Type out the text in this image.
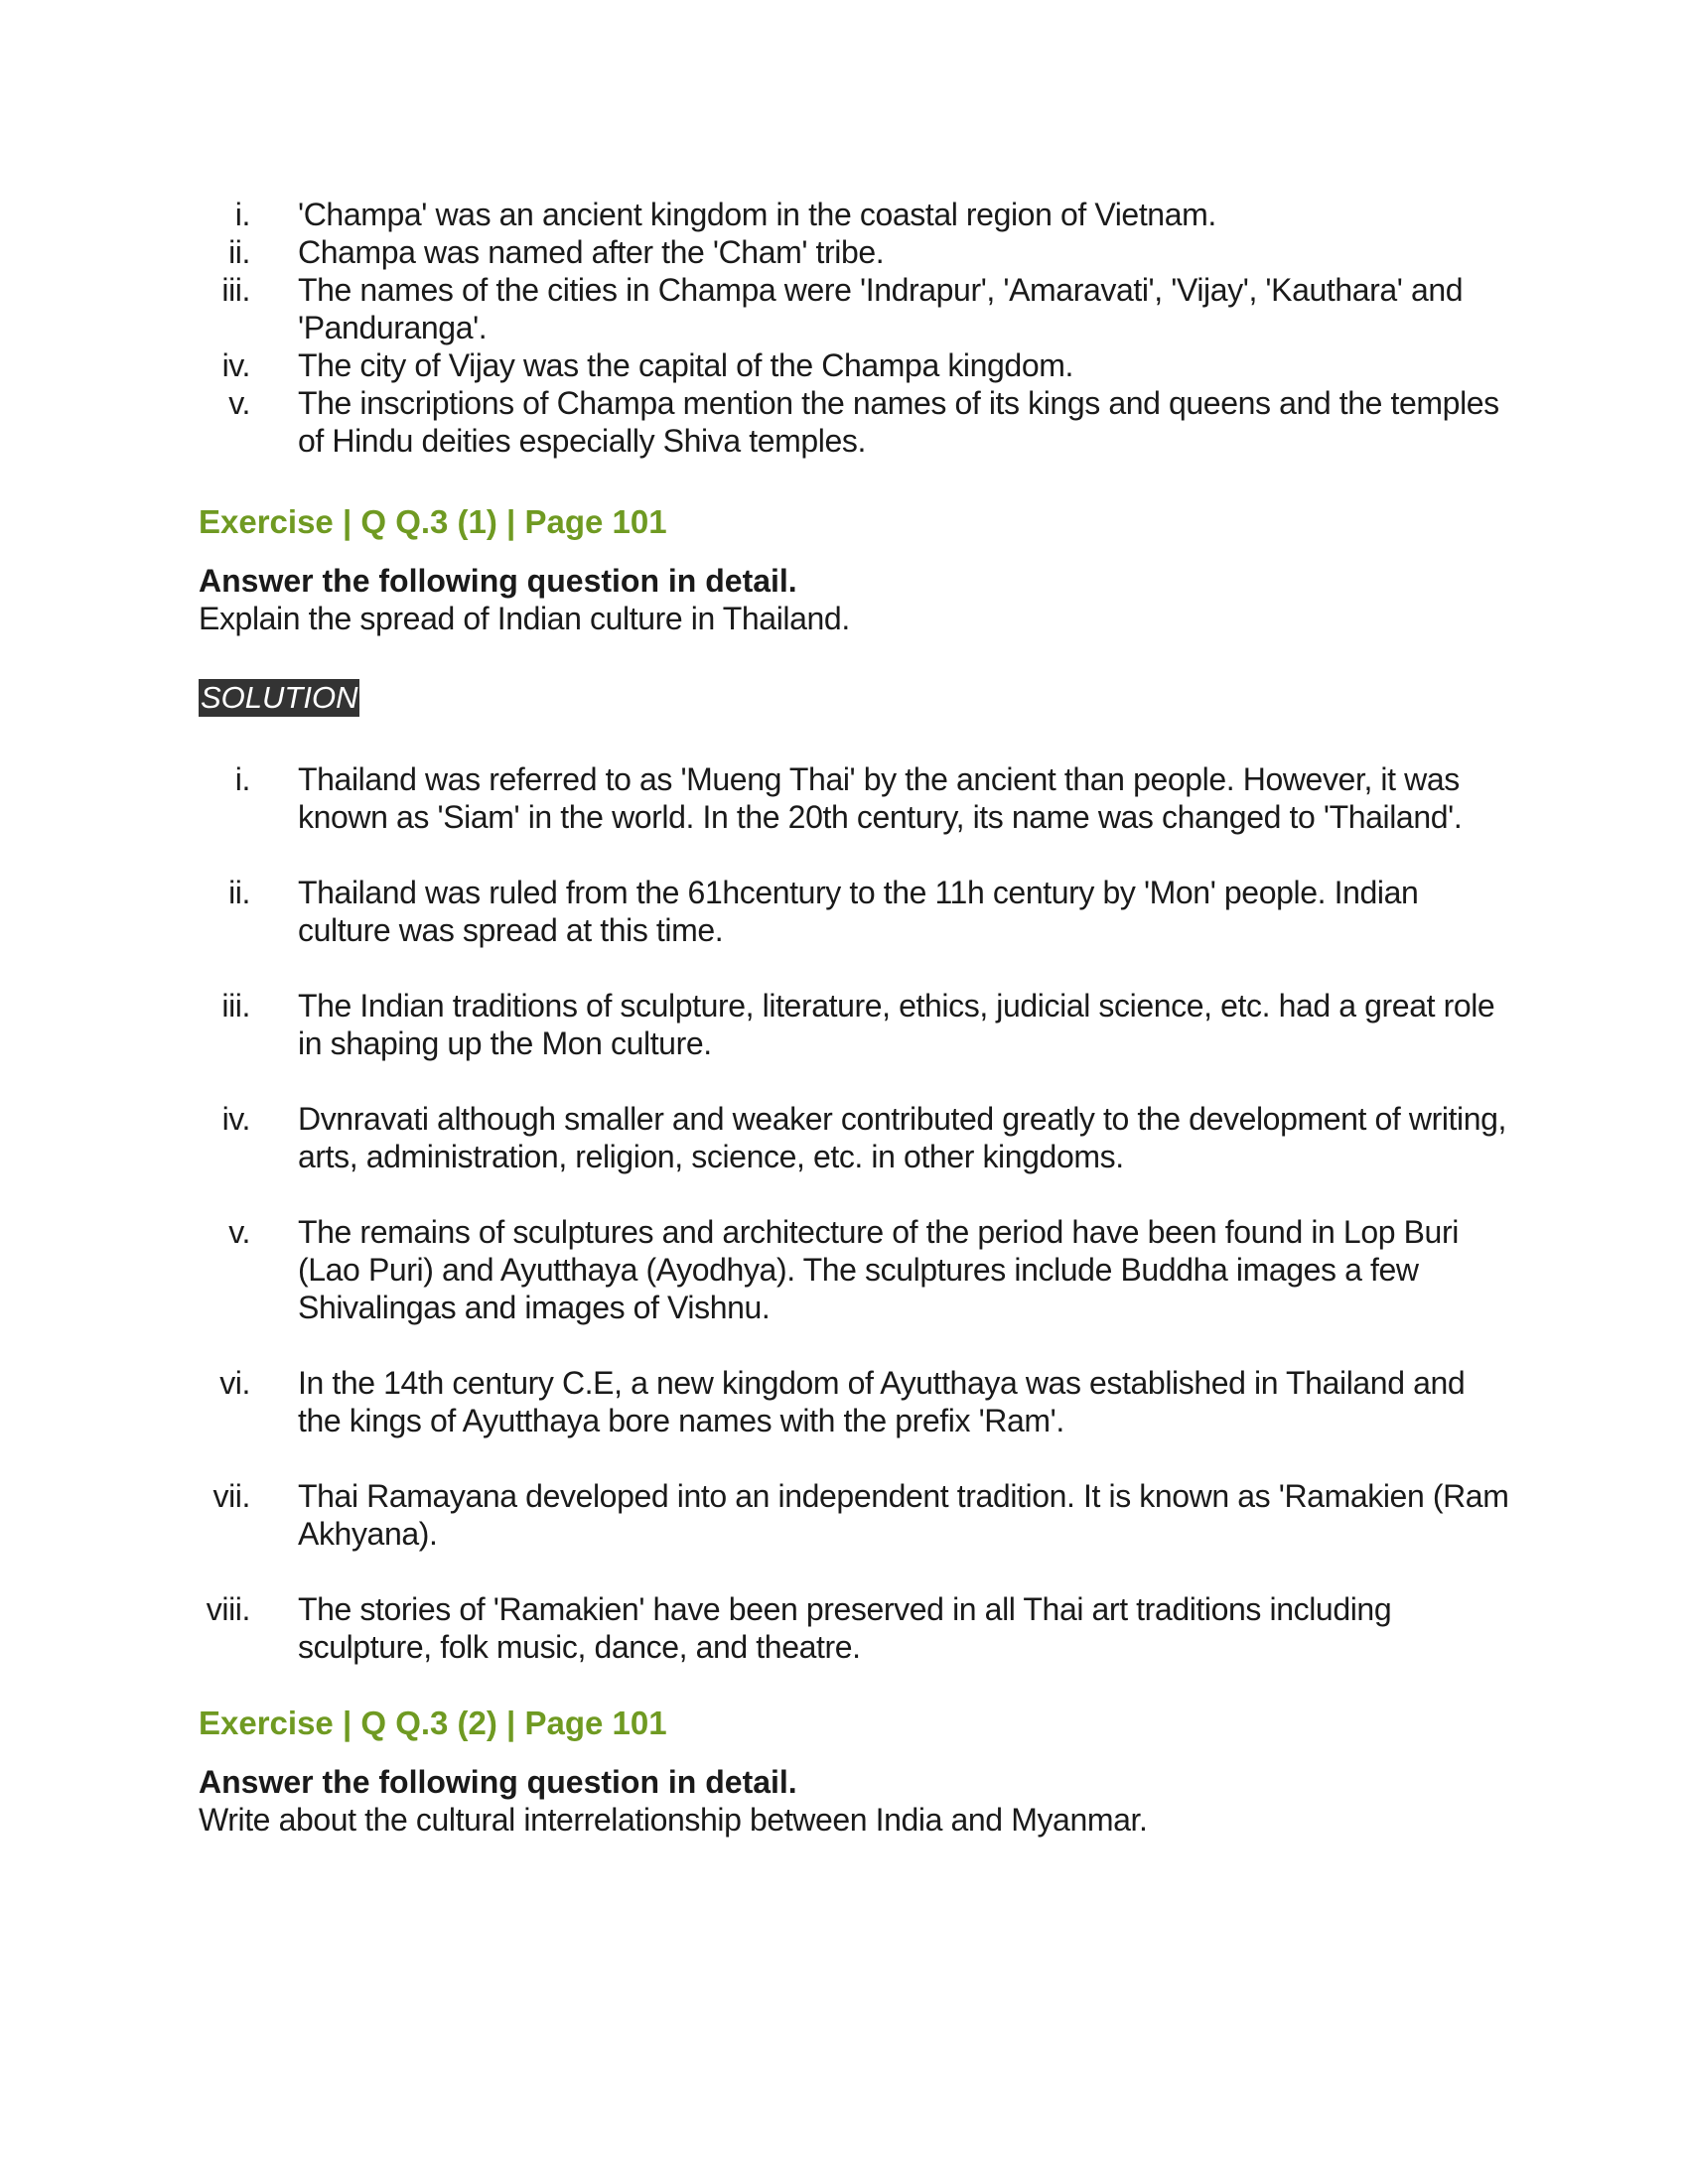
i. 'Champa' was an ancient kingdom in the coastal region of Vietnam.
ii. Champa was named after the 'Cham' tribe.
iii. The names of the cities in Champa were 'Indrapur', 'Amaravati', 'Vijay', 'Kauthara' and 'Panduranga'.
iv. The city of Vijay was the capital of the Champa kingdom.
v. The inscriptions of Champa mention the names of its kings and queens and the temples of Hindu deities especially Shiva temples.

Exercise | Q Q.3 (1) | Page 101

Answer the following question in detail.

Explain the spread of Indian culture in Thailand.

SOLUTION
i. Thailand was referred to as 'Mueng Thai' by the ancient than people. However, it was known as 'Siam' in the world. In the 20th century, its name was changed to 'Thailand'.
ii. Thailand was ruled from the 61hcentury to the 11h century by 'Mon' people. Indian culture was spread at this time.
iii. The Indian traditions of sculpture, literature, ethics, judicial science, etc. had a great role in shaping up the Mon culture.
iv. Dvnravati although smaller and weaker contributed greatly to the development of writing, arts, administration, religion, science, etc. in other kingdoms.
v. The remains of sculptures and architecture of the period have been found in Lop Buri (Lao Puri) and Ayutthaya (Ayodhya). The sculptures include Buddha images a few Shivalingas and images of Vishnu.
vi. In the 14th century C.E, a new kingdom of Ayutthaya was established in Thailand and the kings of Ayutthaya bore names with the prefix 'Ram'.
vii. Thai Ramayana developed into an independent tradition. It is known as 'Ramakien (Ram Akhyana).
viii. The stories of 'Ramakien' have been preserved in all Thai art traditions including sculpture, folk music, dance, and theatre.

Exercise | Q Q.3 (2) | Page 101

Answer the following question in detail.

Write about the cultural interrelationship between India and Myanmar.
